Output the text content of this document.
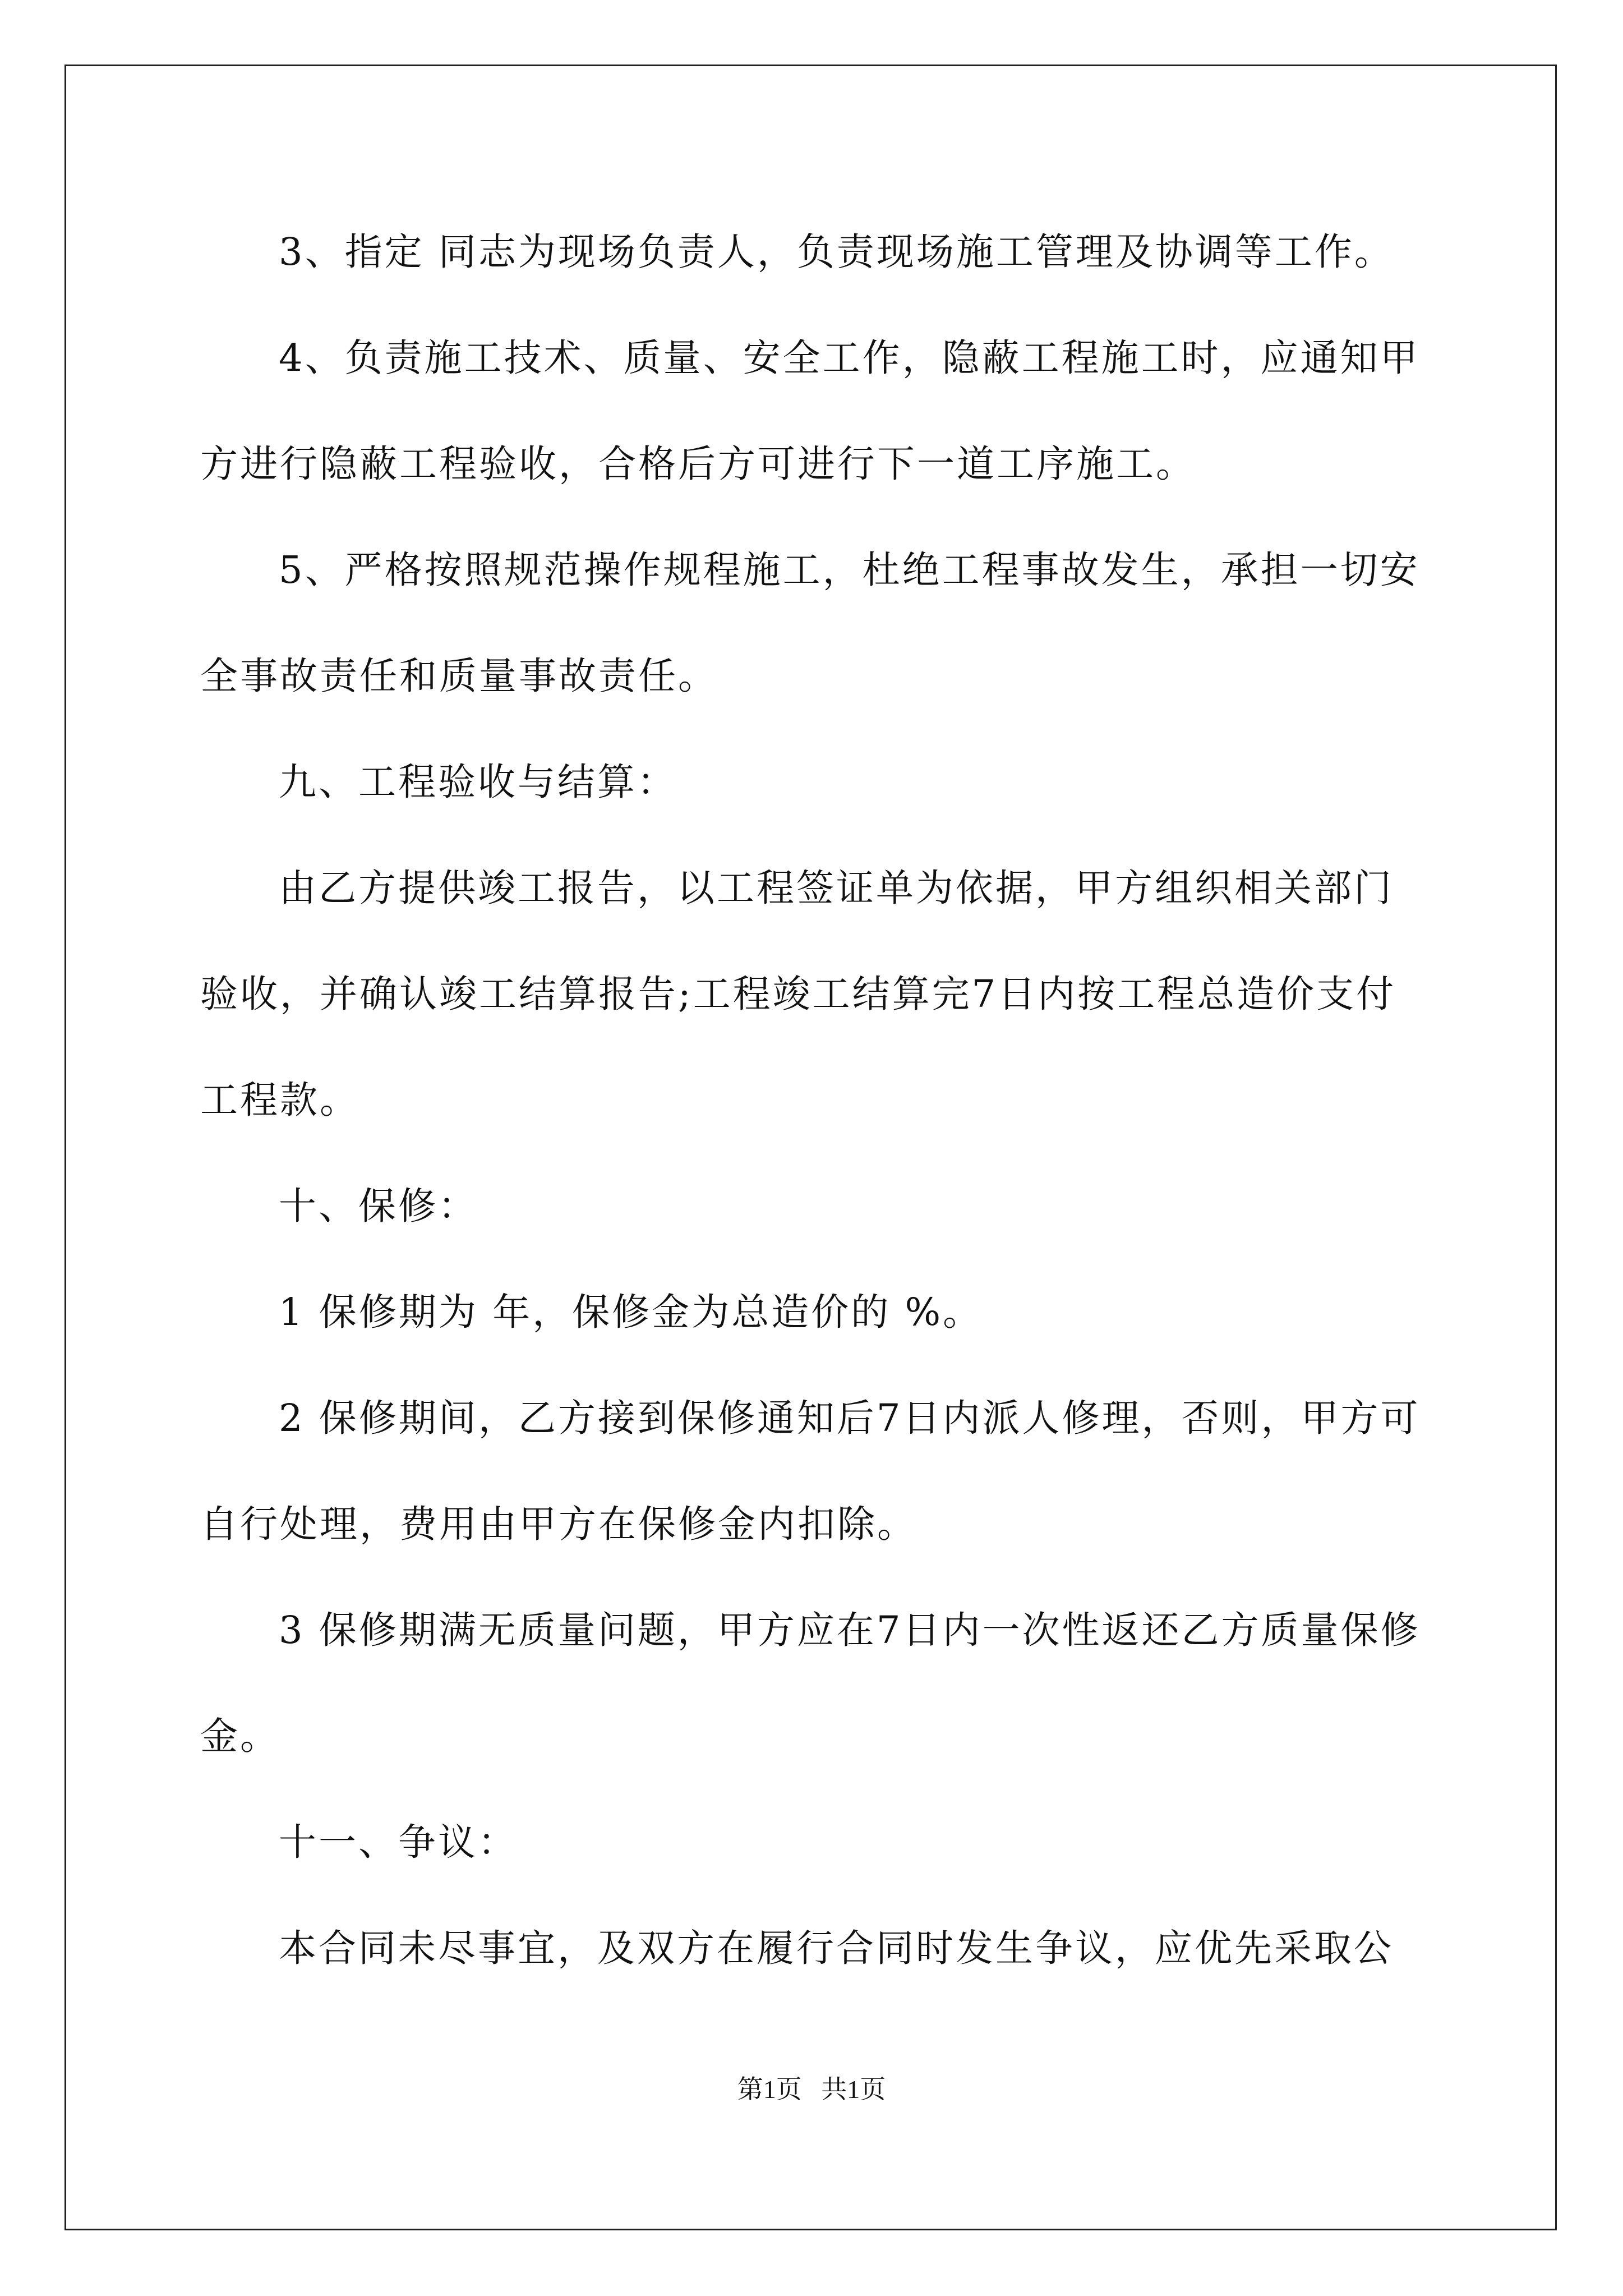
3、指定 同志为现场负责人，负责现场施工管理及协调等工作。

4、负责施工技术、质量、安全工作，隐蔽工程施工时，应通知甲方进行隐蔽工程验收，合格后方可进行下一道工序施工。

5、严格按照规范操作规程施工，杜绝工程事故发生，承担一切安全事故责任和质量事故责任。

九、工程验收与结算：

由乙方提供竣工报告，以工程签证单为依据，甲方组织相关部门验收，并确认竣工结算报告;工程竣工结算完7日内按工程总造价支付工程款。

十、保修：

1 保修期为 年，保修金为总造价的 %。

2 保修期间，乙方接到保修通知后7日内派人修理，否则，甲方可自行处理，费用由甲方在保修金内扣除。

3 保修期满无质量问题，甲方应在7日内一次性返还乙方质量保修金。

十一、争议：

本合同未尽事宜，及双方在履行合同时发生争议，应优先采取公

第1页 共1页
